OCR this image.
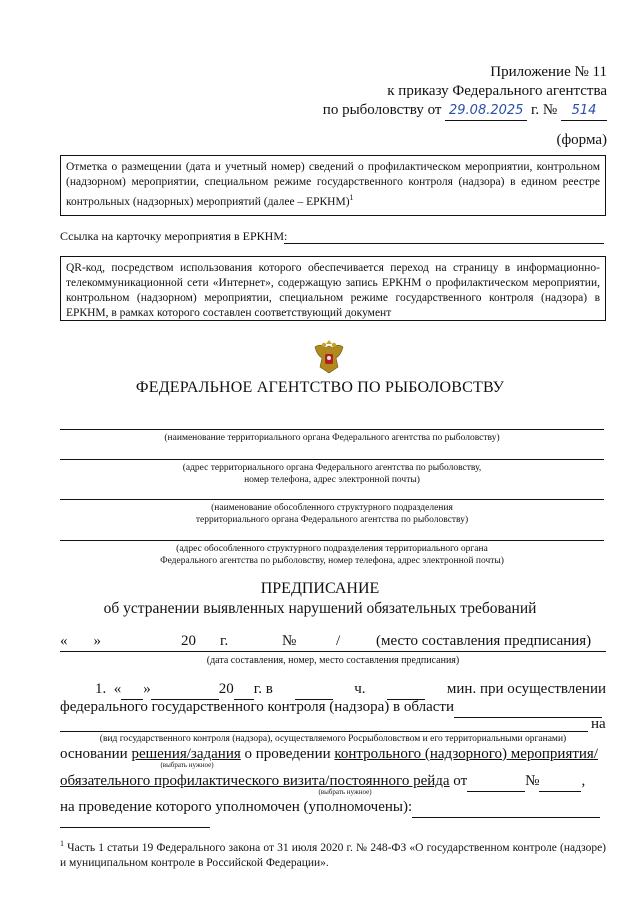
Приложение № 11
к приказу Федерального агентства
по рыболовству от 29.08.2025 г. № 514
(форма)
Отметка о размещении (дата и учетный номер) сведений о профилактическом мероприятии, контрольном (надзорном) мероприятии, специальном режиме государственного контроля (надзора) в едином реестре контрольных (надзорных) мероприятий (далее – ЕРКНМ)$^1$
Ссылка на карточку мероприятия в ЕРКНМ:
QR-код, посредством использования которого обеспечивается переход на страницу в информационно-телекоммуникационной сети «Интернет», содержащую запись ЕРКНМ о профилактическом мероприятии, контрольном (надзорном) мероприятии, специальном режиме государственного контроля (надзора) в ЕРКНМ, в рамках которого составлен соответствующий документ
ФЕДЕРАЛЬНОЕ АГЕНТСТВО ПО РЫБОЛОВСТВУ
(наименование территориального органа Федерального агентства по рыболовству)
(адрес территориального органа Федерального агентства по рыболовству,
номер телефона, адрес электронной почты)
(наименование обособленного структурного подразделения
территориального органа Федерального агентства по рыболовству)
(адрес обособленного структурного подразделения территориального органа
Федерального агентства по рыболовству, номер телефона, адрес электронной почты)
ПРЕДПИСАНИЕ
об устранении выявленных нарушений обязательных требований
« »	20 г.	№	/ (место составления предписания)
(дата составления, номер, место составления предписания)
1. « »	20 г. в
	ч.
	мин. при осуществлении
федерального государственного контроля (надзора) в области
на
(вид государственного контроля (надзора), осуществляемого Росрыболовством и его территориальными органами)
основании решения/задания о проведении контрольного (надзорного) мероприятия/
(выбрать нужное)
обязательного профилактического визита/постоянного рейда от	№	,
(выбрать нужное)
на проведение которого уполномочен (уполномочены):
$^1$ Часть 1 статьи 19 Федерального закона от 31 июля 2020 г. № 248-ФЗ «О государственном контроле (надзоре) и муниципальном контроле в Российской Федерации».
